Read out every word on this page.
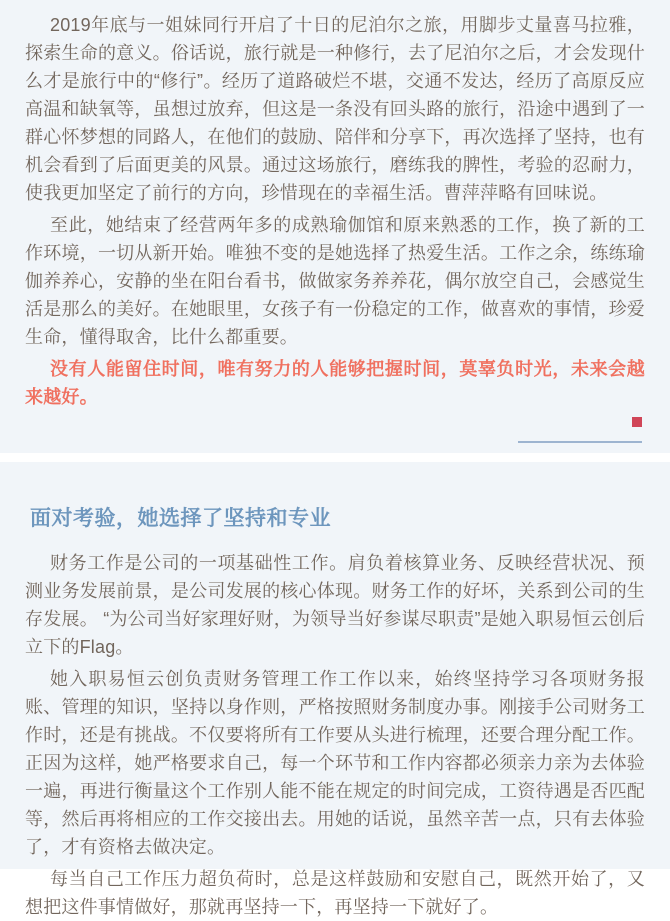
2019年底与一姐妹同行开启了十日的尼泊尔之旅，用脚步丈量喜马拉雅，探索生命的意义。俗话说，旅行就是一种修行，去了尼泊尔之后，才会发现什么才是旅行中的“修行”。经历了道路破烂不堪，交通不发达，经历了高原反应高温和缺氧等，虽想过放弃，但这是一条没有回头路的旅行，沿途中遇到了一群心怀梦想的同路人，在他们的鼓励、陪伴和分享下，再次选择了坚持，也有机会看到了后面更美的风景。通过这场旅行，磨练我的脾性，考验的忍耐力，使我更加坚定了前行的方向，珍惜现在的幸福生活。曹萍萍略有回味说。

至此，她结束了经营两年多的成熟瑜伽馆和原来熟悉的工作，换了新的工作环境，一切从新开始。唯独不变的是她选择了热爱生活。工作之余，练练瑜伽养养心，安静的坐在阳台看书，做做家务养养花，偶尔放空自己，会感觉生活是那么的美好。在她眼里，女孩子有一份稳定的工作，做喜欢的事情，珍爱生命，懂得取舍，比什么都重要。

没有人能留住时间，唯有努力的人能够把握时间，莫辜负时光，未来会越来越好。

面对考验，她选择了坚持和专业

财务工作是公司的一项基础性工作。肩负着核算业务、反映经营状况、预测业务发展前景，是公司发展的核心体现。财务工作的好坏，关系到公司的生存发展。 “为公司当好家理好财，为领导当好参谋尽职责”是她入职易恒云创后立下的Flag。

她入职易恒云创负责财务管理工作工作以来，始终坚持学习各项财务报账、管理的知识，坚持以身作则，严格按照财务制度办事。刚接手公司财务工作时，还是有挑战。不仅要将所有工作要从头进行梳理，还要合理分配工作。正因为这样，她严格要求自己，每一个环节和工作内容都必须亲力亲为去体验一遍，再进行衡量这个工作别人能不能在规定的时间完成，工资待遇是否匹配等，然后再将相应的工作交接出去。用她的话说，虽然辛苦一点，只有去体验了，才有资格去做决定。

每当自己工作压力超负荷时，总是这样鼓励和安慰自己，既然开始了，又想把这件事情做好，那就再坚持一下，再坚持一下就好了。
